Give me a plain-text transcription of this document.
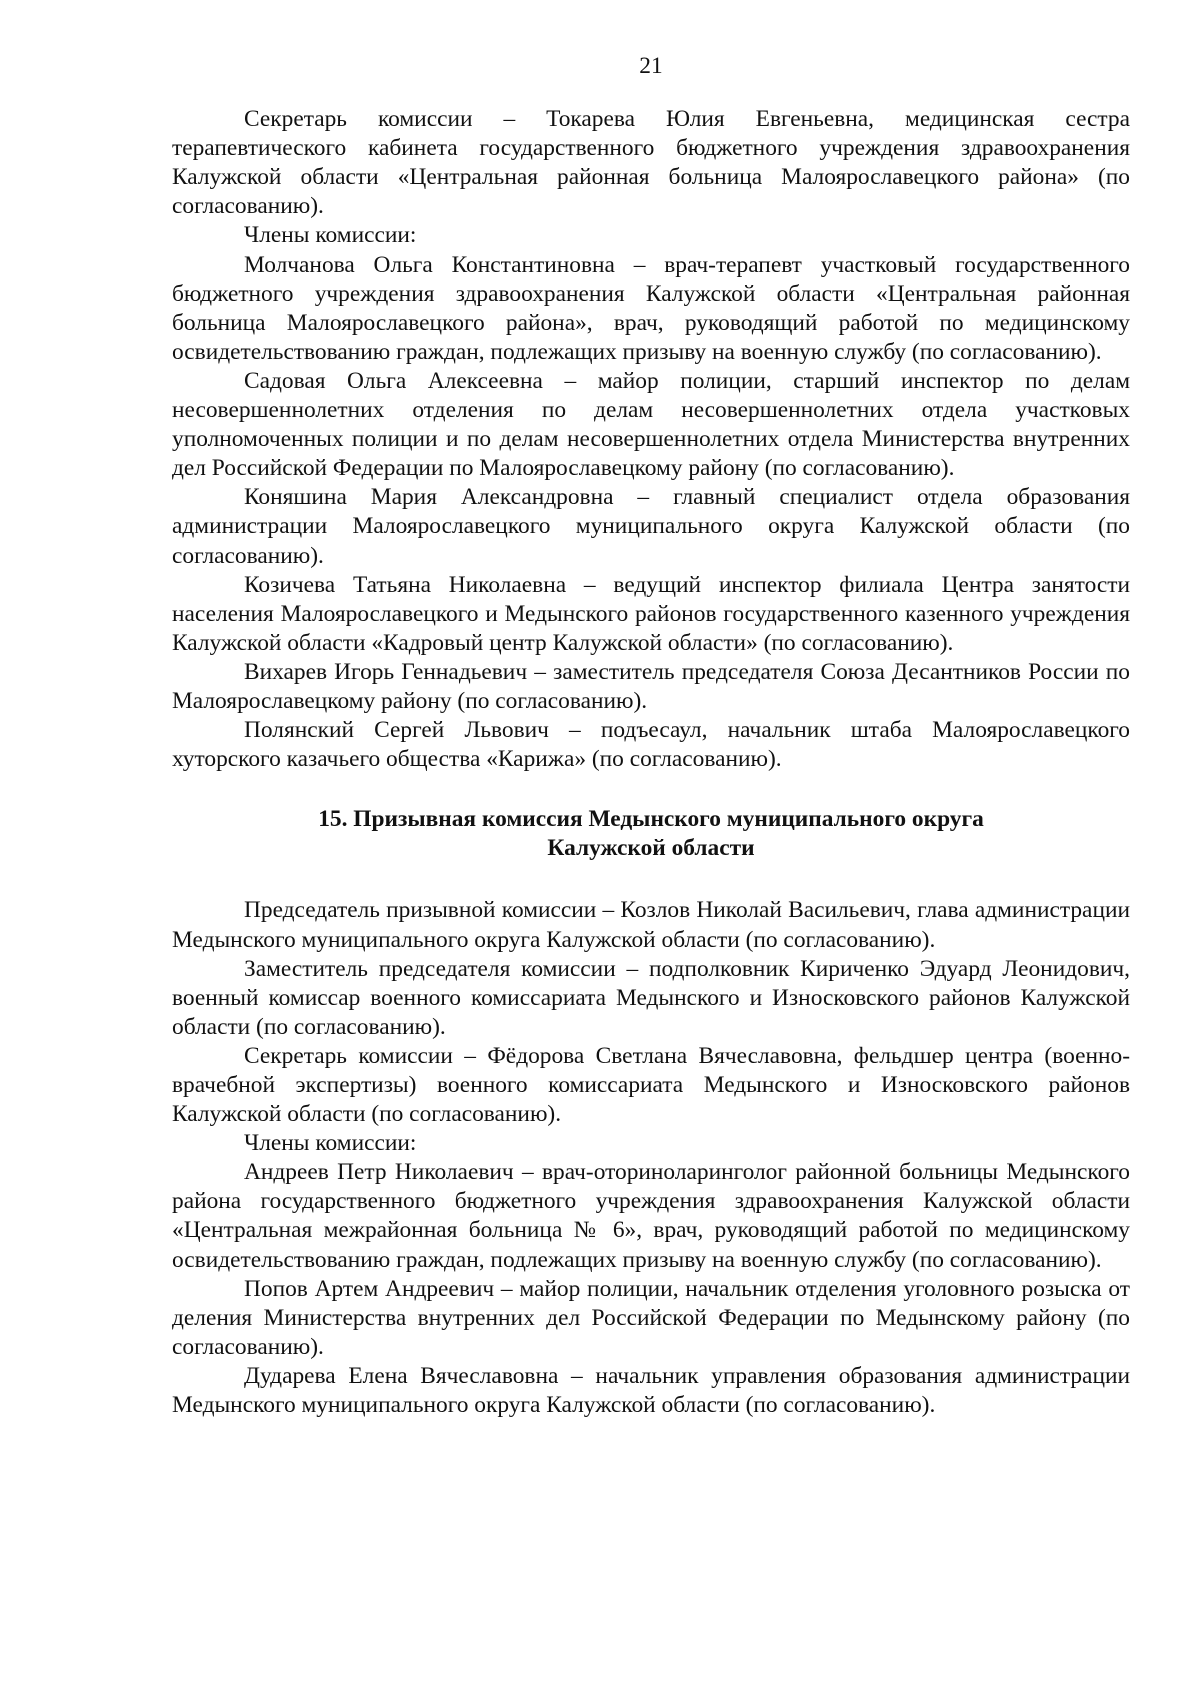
21

Секретарь комиссии – Токарева Юлия Евгеньевна, медицинская сестра терапевтического кабинета государственного бюджетного учреждения здравоохранения Калужской области «Центральная районная больница Малоярославецкого района» (по согласованию).

Члены комиссии:

Молчанова Ольга Константиновна – врач-терапевт участковый государственного бюджетного учреждения здравоохранения Калужской области «Центральная районная больница Малоярославецкого района», врач, руководящий работой по медицинскому освидетельствованию граждан, подлежащих призыву на военную службу (по согласованию).

Садовая Ольга Алексеевна – майор полиции, старший инспектор по делам несовершеннолетних отделения по делам несовершеннолетних отдела участковых уполномоченных полиции и по делам несовершеннолетних отдела Министерства внутренних дел Российской Федерации по Малоярославецкому району (по согласованию).

Коняшина Мария Александровна – главный специалист отдела образования администрации Малоярославецкого муниципального округа Калужской области (по согласованию).

Козичева Татьяна Николаевна – ведущий инспектор филиала Центра занятости населения Малоярославецкого и Медынского районов государственного казенного учреждения Калужской области «Кадровый центр Калужской области» (по согласованию).

Вихарев Игорь Геннадьевич – заместитель председателя Союза Десантников России по Малоярославецкому району (по согласованию).

Полянский Сергей Львович – подъесаул, начальник штаба Малоярославецкого хуторского казачьего общества «Карижа» (по согласованию).

15. Призывная комиссия Медынского муниципального округа
Калужской области

Председатель призывной комиссии – Козлов Николай Васильевич, глава администрации Медынского муниципального округа Калужской области (по согласованию).

Заместитель председателя комиссии – подполковник Кириченко Эдуард Леонидович, военный комиссар военного комиссариата Медынского и Износковского районов Калужской области (по согласованию).

Секретарь комиссии – Фёдорова Светлана Вячеславовна, фельдшер центра (военно-врачебной экспертизы) военного комиссариата Медынского и Износковского районов Калужской области (по согласованию).

Члены комиссии:

Андреев Петр Николаевич – врач-оториноларинголог районной больницы Медынского района государственного бюджетного учреждения здравоохранения Калужской области «Центральная межрайонная больница № 6», врач, руководящий работой по медицинскому освидетельствованию граждан, подлежащих призыву на военную службу (по согласованию).

Попов Артем Андреевич – майор полиции, начальник отделения уголовного розыска от деления Министерства внутренних дел Российской Федерации по Медынскому району (по согласованию).

Дударева Елена Вячеславовна – начальник управления образования администрации Медынского муниципального округа Калужской области (по согласованию).
